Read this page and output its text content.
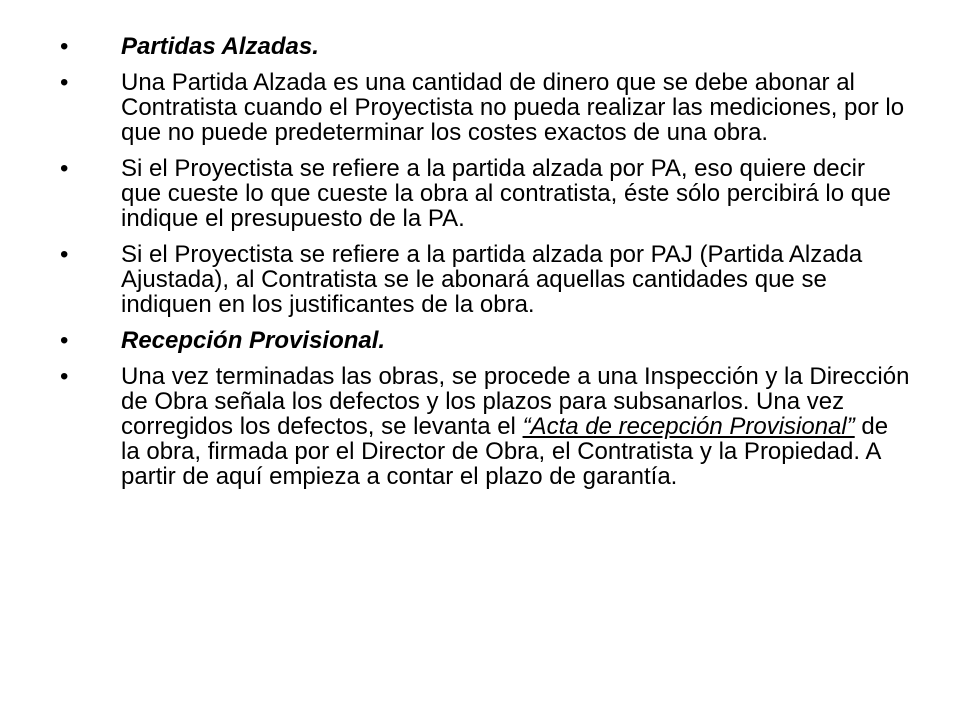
•	Partidas Alzadas.
•	Una Partida Alzada es una cantidad de dinero que se debe abonar al Contratista cuando el Proyectista no pueda realizar las mediciones, por lo que no puede predeterminar los costes exactos de una obra.
•	Si el Proyectista se refiere a la partida alzada por PA, eso quiere decir que cueste lo que cueste la obra al contratista, éste sólo percibirá lo que indique el presupuesto de la PA.
•	Si el Proyectista se refiere a la partida alzada por PAJ (Partida Alzada Ajustada), al Contratista se le abonará aquellas cantidades que se indiquen en los justificantes de la obra.
•	Recepción Provisional.
•	Una vez terminadas las obras, se procede a una Inspección y la Dirección de Obra señala los defectos y los plazos para subsanarlos. Una vez corregidos los defectos, se levanta el “Acta de recepción Provisional” de la obra, firmada por el Director de Obra, el Contratista y la Propiedad. A partir de aquí empieza a contar el plazo de garantía.
